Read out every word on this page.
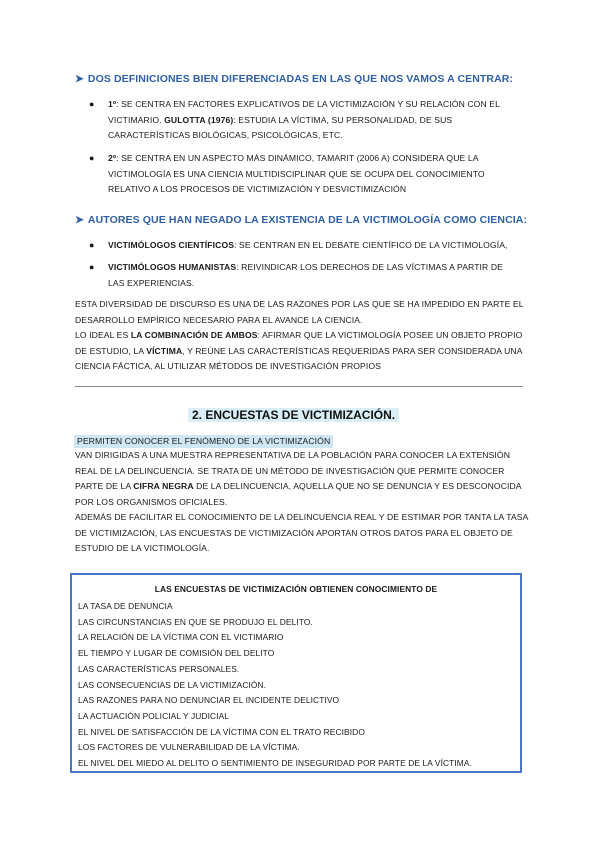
➤ DOS DEFINICIONES BIEN DIFERENCIADAS EN LAS QUE NOS VAMOS A CENTRAR:
● 1º: SE CENTRA EN FACTORES EXPLICATIVOS DE LA VICTIMIZACIÓN Y SU RELACIÓN CON EL VICTIMARIO. GULOTTA (1976): ESTUDIA LA VÍCTIMA, SU PERSONALIDAD, DE SUS CARACTERÍSTICAS BIOLÓGICAS, PSICOLÓGICAS, ETC.
● 2º: SE CENTRA EN UN ASPECTO MÁS DINÁMICO, TAMARIT (2006 A) CONSIDERA QUE LA VICTIMOLOGÍA ES UNA CIENCIA MULTIDISCIPLINAR QUE SE OCUPA DEL CONOCIMIENTO RELATIVO A LOS PROCESOS DE VICTIMIZACIÓN Y DESVICTIMIZACIÓN
➤ AUTORES QUE HAN NEGADO LA EXISTENCIA DE LA VICTIMOLOGÍA COMO CIENCIA:
● VICTIMÓLOGOS CIENTÍFICOS: SE CENTRAN EN EL DEBATE CIENTÍFICO DE LA VICTIMOLOGÍA,
● VICTIMÓLOGOS HUMANISTAS: REIVINDICAR LOS DERECHOS DE LAS VÍCTIMAS A PARTIR DE LAS EXPERIENCIAS.
ESTA DIVERSIDAD DE DISCURSO ES UNA DE LAS RAZONES POR LAS QUE SE HA IMPEDIDO EN PARTE EL DESARROLLO EMPÍRICO NECESARIO PARA EL AVANCE LA CIENCIA.
LO IDEAL ES LA COMBINACIÓN DE AMBOS: AFIRMAR QUE LA VICTIMOLOGÍA POSEE UN OBJETO PROPIO DE ESTUDIO, LA VÍCTIMA, Y REÚNE LAS CARACTERÍSTICAS REQUERIDAS PARA SER CONSIDERADA UNA CIENCIA FÁCTICA, AL UTILIZAR MÉTODOS DE INVESTIGACIÓN PROPIOS
2. ENCUESTAS DE VICTIMIZACIÓN.
PERMITEN CONOCER EL FENÓMENO DE LA VICTIMIZACIÓN
VAN DIRIGIDAS A UNA MUESTRA REPRESENTATIVA DE LA POBLACIÓN PARA CONOCER LA EXTENSIÓN REAL DE LA DELINCUENCIA. SE TRATA DE UN MÉTODO DE INVESTIGACIÓN QUE PERMITE CONOCER PARTE DE LA CIFRA NEGRA DE LA DELINCUENCIA, AQUELLA QUE NO SE DENUNCIA Y ES DESCONOCIDA POR LOS ORGANISMOS OFICIALES.
ADEMÁS DE FACILITAR EL CONOCIMIENTO DE LA DELINCUENCIA REAL Y DE ESTIMAR POR TANTA LA TASA DE VICTIMIZACIÓN, LAS ENCUESTAS DE VICTIMIZACIÓN APORTAN OTROS DATOS PARA EL OBJETO DE ESTUDIO DE LA VICTIMOLOGÍA.
LAS ENCUESTAS DE VICTIMIZACIÓN OBTIENEN CONOCIMIENTO DE
LA TASA DE DENUNCIA
LAS CIRCUNSTANCIAS EN QUE SE PRODUJO EL DELITO.
LA RELACIÓN DE LA VÍCTIMA CON EL VICTIMARIO
EL TIEMPO Y LUGAR DE COMISIÓN DEL DELITO
LAS CARACTERÍSTICAS PERSONALES.
LAS CONSECUENCIAS DE LA VICTIMIZACIÓN.
LAS RAZONES PARA NO DENUNCIAR EL INCIDENTE DELICTIVO
LA ACTUACIÓN POLICIAL Y JUDICIAL
EL NIVEL DE SATISFACCIÓN DE LA VÍCTIMA CON EL TRATO RECIBIDO
LOS FACTORES DE VULNERABILIDAD DE LA VÍCTIMA.
EL NIVEL DEL MIEDO AL DELITO O SENTIMIENTO DE INSEGURIDAD POR PARTE DE LA VÍCTIMA.
